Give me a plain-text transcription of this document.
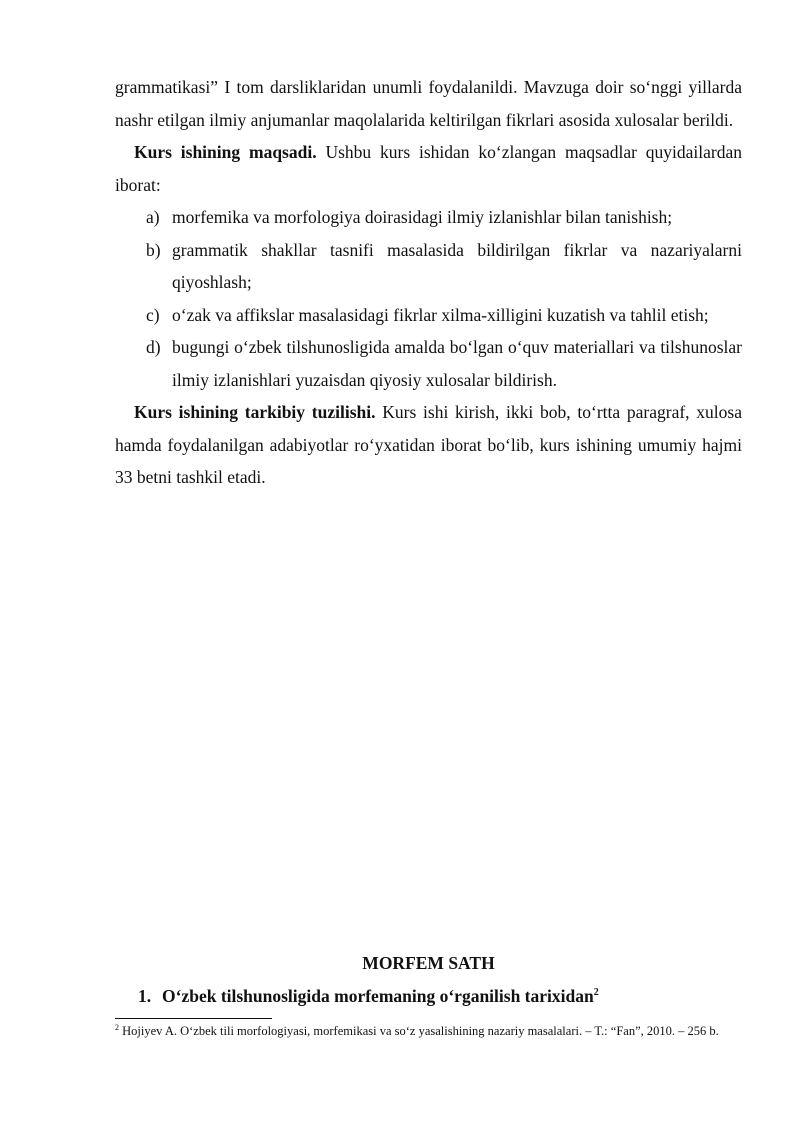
grammatikasi” I tom darsliklaridan unumli foydalanildi. Mavzuga doir so‘nggi yillarda nashr etilgan ilmiy anjumanlar maqolalarida keltirilgan fikrlari asosida xulosalar berildi.

Kurs ishining maqsadi. Ushbu kurs ishidan ko‘zlangan maqsadlar quyidailardan iborat:

a) morfemika va morfologiya doirasidagi ilmiy izlanishlar bilan tanishish;
b) grammatik shakllar tasnifi masalasida bildirilgan fikrlar va nazariyalarni qiyoshlash;
c) o‘zak va affikslar masalasidagi fikrlar xilma-xilligini kuzatish va tahlil etish;
d) bugungi o‘zbek tilshunosligida amalda bo‘lgan o‘quv materiallari va tilshunoslar ilmiy izlanishlari yuzaisdan qiyosiy xulosalar bildirish.

Kurs ishining tarkibiy tuzilishi. Kurs ishi kirish, ikki bob, to‘rtta paragraf, xulosa hamda foydalanilgan adabiyotlar ro‘yxatidan iborat bo‘lib, kurs ishining umumiy hajmi 33 betni tashkil etadi.

MORFEM SATH
1. O‘zbek tilshunosligida morfemaning o‘rganilish tarixidan$^2$
$^2$ Hojiyev A. O‘zbek tili morfologiyasi, morfemikasi va so‘z yasalishining nazariy masalalari. – T.: “Fan”, 2010. – 256 b.
